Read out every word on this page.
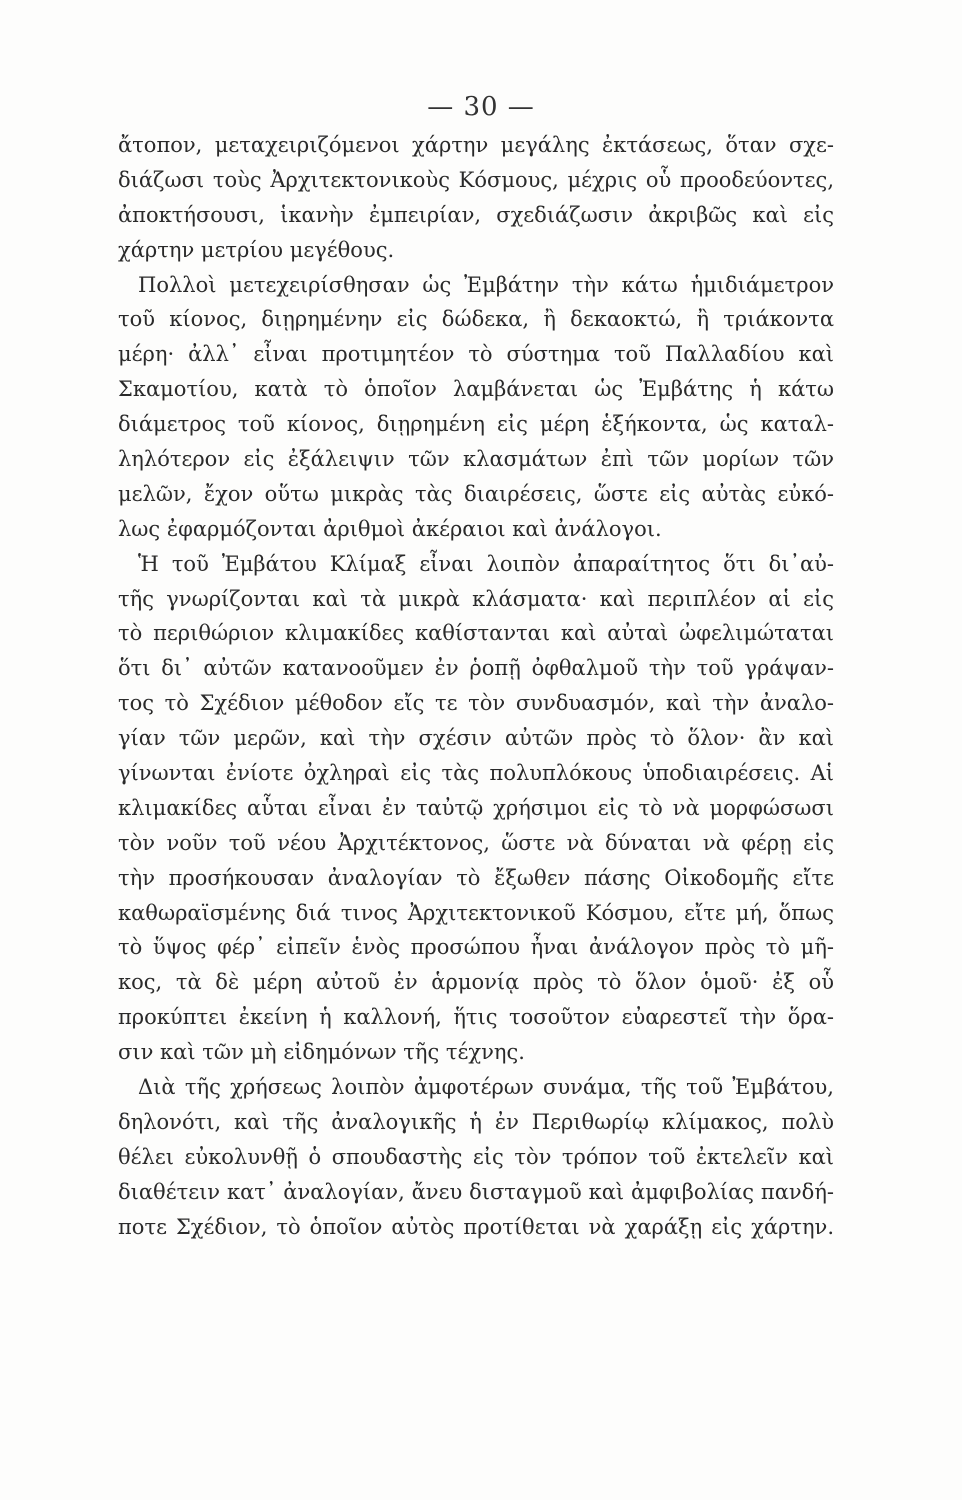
— 30 —
ἄτοπον, μεταχειριζόμενοι χάρτην μεγάλης ἐκτάσεως, ὅταν σχε-
διάζωσι τοὺς Ἀρχιτεκτονικοὺς Κόσμους, μέχρις οὗ προοδεύοντες,
ἀποκτήσουσι, ἱκανὴν ἐμπειρίαν, σχεδιάζωσιν ἀκριβῶς καὶ εἰς
χάρτην μετρίου μεγέθους.
Πολλοὶ μετεχειρίσθησαν ὡς Ἐμβάτην τὴν κάτω ἡμιδιάμετρον
τοῦ κίονος, διῃρημένην εἰς δώδεκα, ἢ δεκαοκτώ, ἢ τριάκοντα
μέρη· ἀλλ᾽ εἶναι προτιμητέον τὸ σύστημα τοῦ Παλλαδίου καὶ
Σκαμοτίου, κατὰ τὸ ὁποῖον λαμβάνεται ὡς Ἐμβάτης ἡ κάτω
διάμετρος τοῦ κίονος, διῃρημένη εἰς μέρη ἑξήκοντα, ὡς καταλ-
ληλότερον εἰς ἐξάλειψιν τῶν κλασμάτων ἐπὶ τῶν μορίων τῶν
μελῶν, ἔχον οὕτω μικρὰς τὰς διαιρέσεις, ὥστε εἰς αὐτὰς εὐκό-
λως ἐφαρμόζονται ἀριθμοὶ ἀκέραιοι καὶ ἀνάλογοι.
Ἡ τοῦ Ἐμβάτου Κλίμαξ εἶναι λοιπὸν ἀπαραίτητος ὅτι δι᾽αὐ-
τῆς γνωρίζονται καὶ τὰ μικρὰ κλάσματα· καὶ περιπλέον αἱ εἰς
τὸ περιθώριον κλιμακίδες καθίστανται καὶ αὐταὶ ὠφελιμώταται
ὅτι δι᾽ αὐτῶν κατανοοῦμεν ἐν ῥοπῇ ὀφθαλμοῦ τὴν τοῦ γράψαν-
τος τὸ Σχέδιον μέθοδον εἴς τε τὸν συνδυασμόν, καὶ τὴν ἀναλο-
γίαν τῶν μερῶν, καὶ τὴν σχέσιν αὐτῶν πρὸς τὸ ὅλον· ἂν καὶ
γίνωνται ἐνίοτε ὀχληραὶ εἰς τὰς πολυπλόκους ὑποδιαιρέσεις. Αἱ
κλιμακίδες αὗται εἶναι ἐν ταὐτῷ χρήσιμοι εἰς τὸ νὰ μορφώσωσι
τὸν νοῦν τοῦ νέου Ἀρχιτέκτονος, ὥστε νὰ δύναται νὰ φέρῃ εἰς
τὴν προσήκουσαν ἀναλογίαν τὸ ἔξωθεν πάσης Οἰκοδομῆς εἴτε
καθωραϊσμένης διά τινος Ἀρχιτεκτονικοῦ Κόσμου, εἴτε μή, ὅπως
τὸ ὕψος φέρ᾽ εἰπεῖν ἑνὸς προσώπου ἦναι ἀνάλογον πρὸς τὸ μῆ-
κος, τὰ δὲ μέρη αὐτοῦ ἐν ἁρμονίᾳ πρὸς τὸ ὅλον ὁμοῦ· ἐξ οὗ
προκύπτει ἐκείνη ἡ καλλονή, ἥτις τοσοῦτον εὐαρεστεῖ τὴν ὅρα-
σιν καὶ τῶν μὴ εἰδημόνων τῆς τέχνης.
Διὰ τῆς χρήσεως λοιπὸν ἀμφοτέρων συνάμα, τῆς τοῦ Ἐμβάτου,
δηλονότι, καὶ τῆς ἀναλογικῆς ἡ ἐν Περιθωρίῳ κλίμακος, πολὺ
θέλει εὐκολυνθῇ ὁ σπουδαστὴς εἰς τὸν τρόπον τοῦ ἐκτελεῖν καὶ
διαθέτειν κατ᾽ ἀναλογίαν, ἄνευ δισταγμοῦ καὶ ἀμφιβολίας πανδή-
ποτε Σχέδιον, τὸ ὁποῖον αὐτὸς προτίθεται νὰ χαράξῃ εἰς χάρτην.
